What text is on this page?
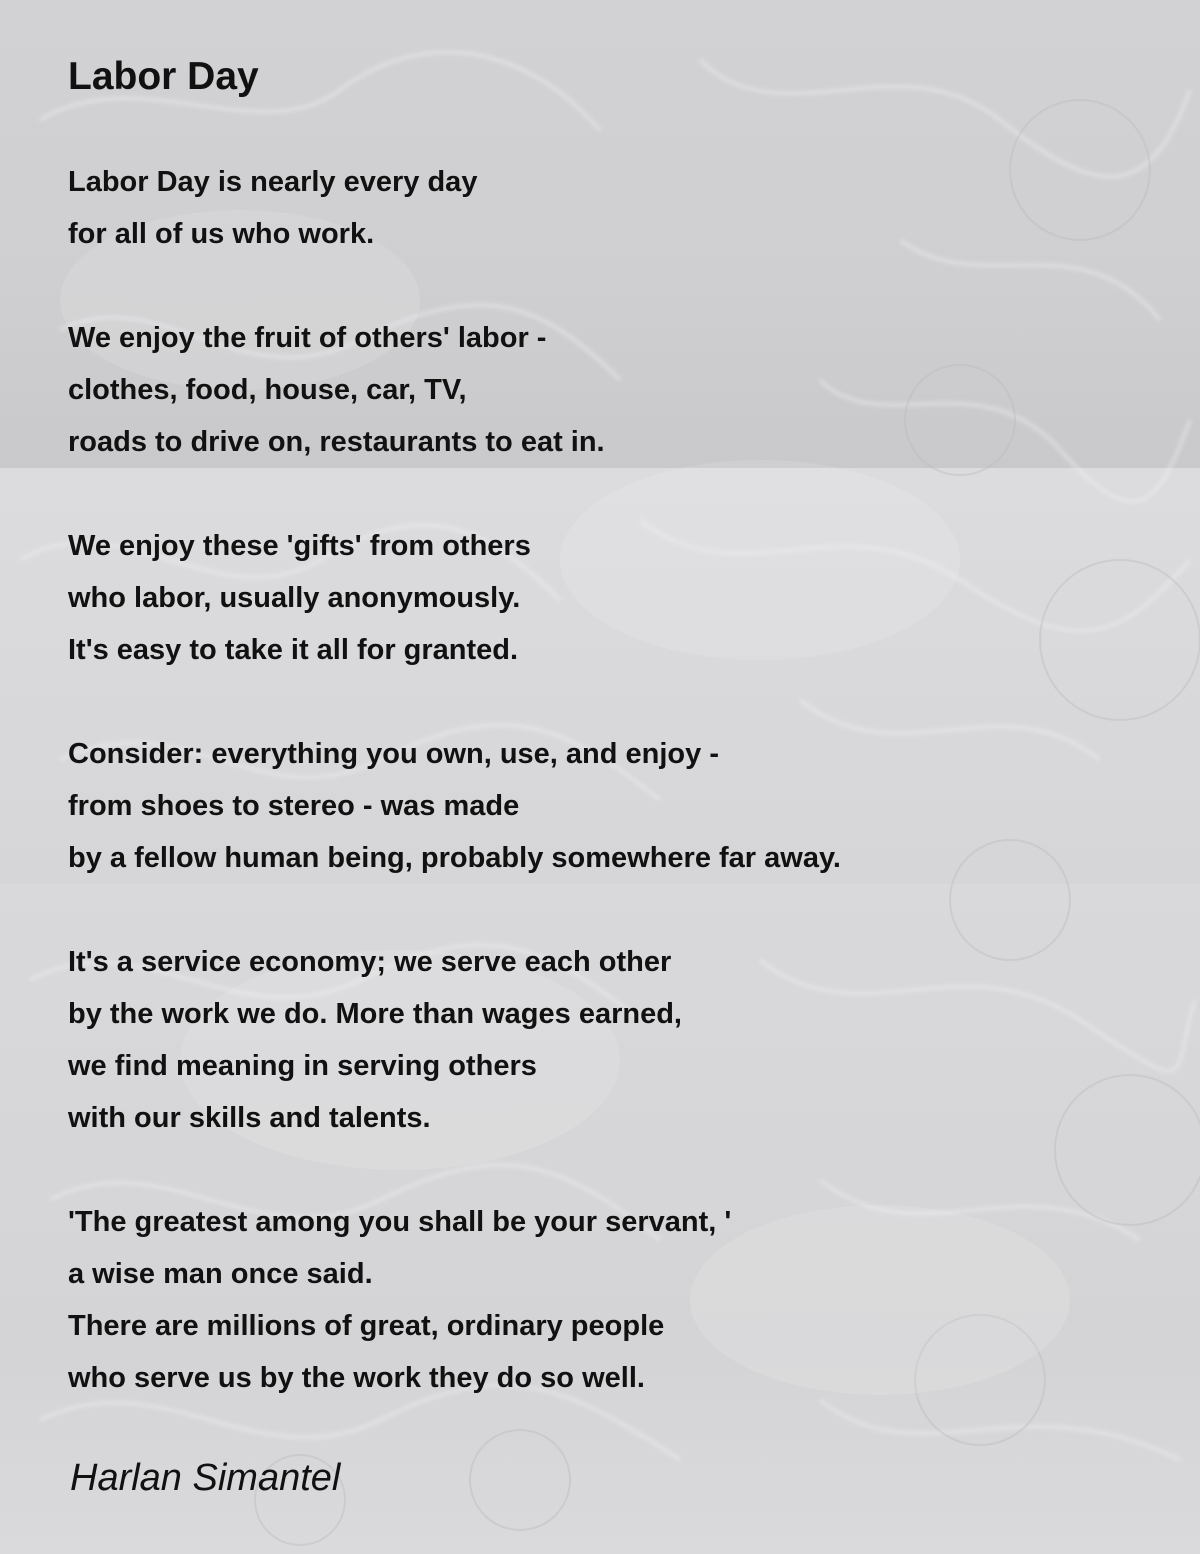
Labor Day
Labor Day is nearly every day
for all of us who work.
We enjoy the fruit of others' labor -
clothes, food, house, car, TV,
roads to drive on, restaurants to eat in.
We enjoy these 'gifts' from others
who labor, usually anonymously.
It's easy to take it all for granted.
Consider: everything you own, use, and enjoy -
from shoes to stereo - was made
by a fellow human being, probably somewhere far away.
It's a service economy; we serve each other
by the work we do. More than wages earned,
we find meaning in serving others
with our skills and talents.
'The greatest among you shall be your servant, '
a wise man once said.
There are millions of great, ordinary people
who serve us by the work they do so well.

Harlan Simantel
